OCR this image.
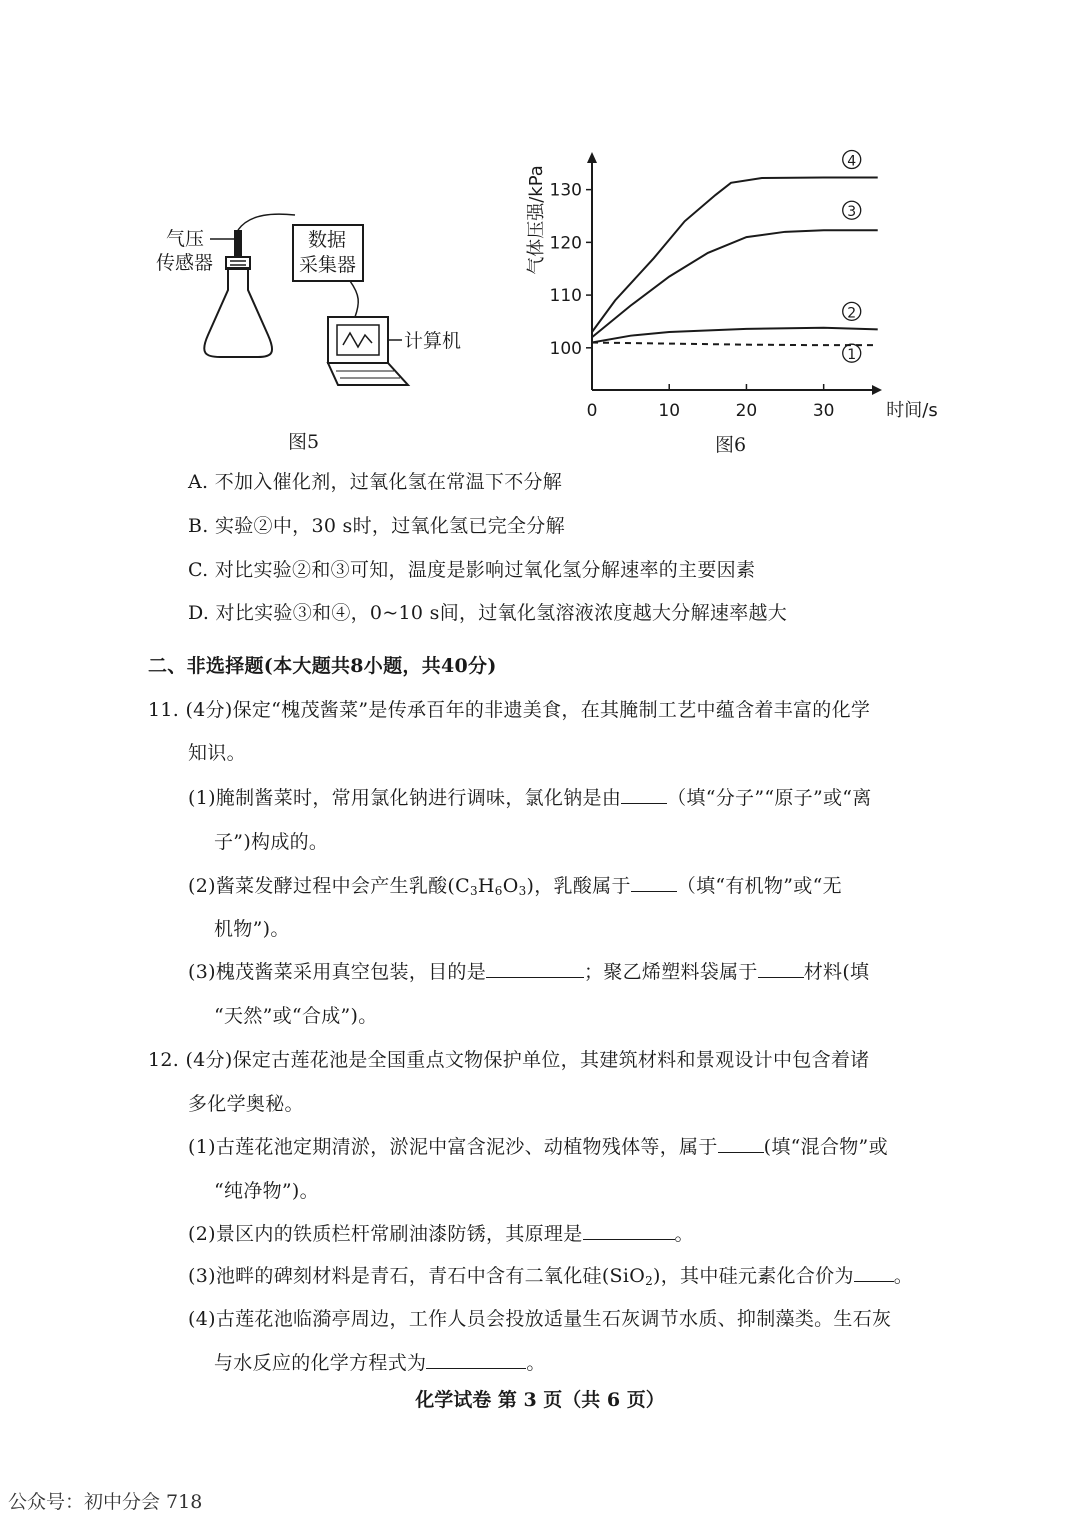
气压
传感器
数据
采集器
计算机
图5
100
110
120
130
0	10	20	30	时间/s
气体压强/kPa
1
2
3
4
图6
A. 不加入催化剂，过氧化氢在常温下不分解
B. 实验②中，30 s时，过氧化氢已完全分解
C. 对比实验②和③可知，温度是影响过氧化氢分解速率的主要因素
D. 对比实验③和④，0~10 s间，过氧化氢溶液浓度越大分解速率越大
二、非选择题(本大题共8小题，共40分)
11. (4分)保定“槐茂酱菜”是传承百年的非遗美食，在其腌制工艺中蕴含着丰富的化学
知识。
(1)腌制酱菜时，常用氯化钠进行调味，氯化钠是由 （填“分子”“原子”或“离
子”)构成的。
(2)酱菜发酵过程中会产生乳酸$(C_3H_6O_3)$，乳酸属于 （填“有机物”或“无
机物”)。
(3)槐茂酱菜采用真空包装，目的是	；聚乙烯塑料袋属于 材料(填
“天然”或“合成”)。
12. (4分)保定古莲花池是全国重点文物保护单位，其建筑材料和景观设计中包含着诸
多化学奥秘。
(1)古莲花池定期清淤，淤泥中富含泥沙、动植物残体等，属于 (填“混合物”或
“纯净物”)。
(2)景区内的铁质栏杆常刷油漆防锈，其原理是	。
(3)池畔的碑刻材料是青石，青石中含有二氧化硅(SiO$_2$)，其中硅元素化合价为 。
(4)古莲花池临漪亭周边，工作人员会投放适量生石灰调节水质、抑制藻类。生石灰
与水反应的化学方程式为	。
化学试卷 第 3 页（共 6 页）
公众号：初中分会 718
